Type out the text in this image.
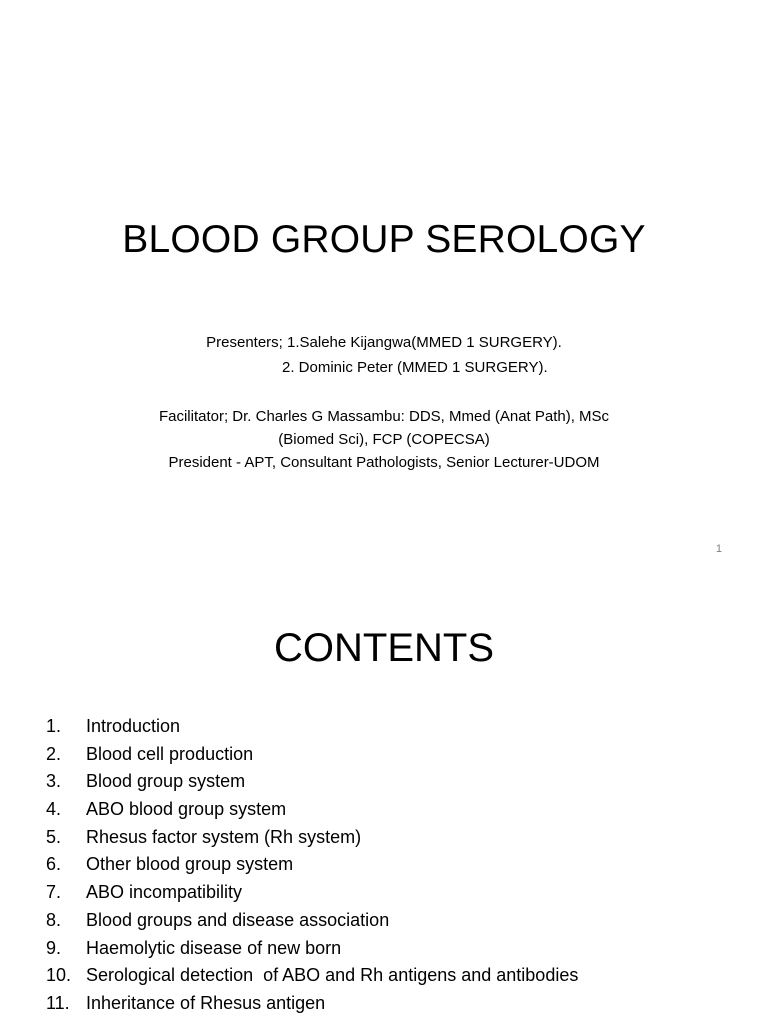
BLOOD GROUP SEROLOGY
Presenters; 1.Salehe Kijangwa(MMED 1 SURGERY).
2. Dominic Peter (MMED 1 SURGERY).
Facilitator; Dr. Charles G Massambu: DDS, Mmed (Anat Path), MSc
(Biomed Sci), FCP (COPECSA)
President - APT, Consultant Pathologists, Senior Lecturer-UDOM
1
CONTENTS
1.	Introduction
2.	Blood cell production
3.	Blood group system
4.	ABO blood group system
5.	Rhesus factor system (Rh system)
6.	Other blood group system
7.	ABO incompatibility
8.	Blood groups and disease association
9.	Haemolytic disease of new born
10. Serological detection  of ABO and Rh antigens and antibodies
11. Inheritance of Rhesus antigen
